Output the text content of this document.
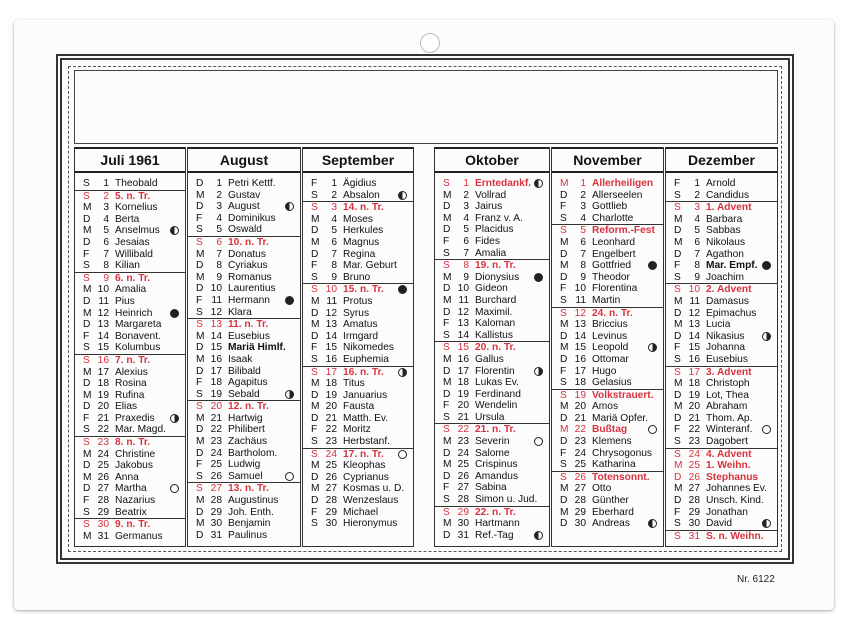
Juli 1961
S	1 Theobald
S	2 5. n. Tr.
M	3 Kornelius
D	4 Berta
M	5 Anselmus
D	6 Jesaias
F	7 Willibald
S	8 Kilian
S	9 6. n. Tr.
M 10 Amalia
D 11 Pius
M 12 Heinrich
D 13 Margareta
F 14 Bonavent.
S 15 Kolumbus
S 16 7. n. Tr.
M 17 Alexius
D 18 Rosina
M 19 Rufina
D 20 Elias
F 21 Praxedis
S 22 Mar. Magd.
S 23 8. n. Tr.
M 24 Christine
D 25 Jakobus
M 26 Anna
D 27 Martha
F 28 Nazarius
S 29 Beatrix
S 30 9. n. Tr.
M 31 Germanus
August
D	1 Petri Kettf.
M	2 Gustav
D	3 August
F	4 Dominikus
S	5 Oswald
S	6 10. n. Tr.
M	7 Donatus
D	8 Cyriakus
M	9 Romanus
D 10 Laurentius
F 11 Hermann
S 12 Klara
S 13 11. n. Tr.
M 14 Eusebius
D 15 Mariä Himlf.
M 16 Isaak
D 17 Bilibald
F 18 Agapitus
S 19 Sebald
S 20 12. n. Tr.
M 21 Hartwig
D 22 Philibert
M 23 Zachäus
D 24 Bartholom.
F 25 Ludwig
S 26 Samuel
S 27 13. n. Tr.
M 28 Augustinus
D 29 Joh. Enth.
M 30 Benjamin
D 31 Paulinus
September
F	1 Ägidius
S	2 Absalon
S	3 14. n. Tr.
M	4 Moses
D	5 Herkules
M	6 Magnus
D	7 Regina
F	8 Mar. Geburt
S	9 Bruno
S 10 15. n. Tr.
M 11 Protus
D 12 Syrus
M 13 Amatus
D 14 Irmgard
F 15 Nikomedes
S 16 Euphemia
S 17 16. n. Tr.
M 18 Titus
D 19 Januarius
M 20 Fausta
D 21 Matth. Ev.
F 22 Moritz
S 23 Herbstanf.
S 24 17. n. Tr.
M 25 Kleophas
D 26 Cyprianus
M 27 Kosmas u. D.
D 28 Wenzeslaus
F 29 Michael
S 30 Hieronymus
Oktober
S	1 Erntedankf.
M	2 Vollrad
D	3 Jairus
M	4 Franz v. A.
D	5 Placidus
F	6 Fides
S	7 Amalia
S	8 19. n. Tr.
M	9 Dionysius
D 10 Gideon
M 11 Burchard
D 12 Maximil.
F 13 Kaloman
S 14 Kallistus
S 15 20. n. Tr.
M 16 Gallus
D 17 Florentin
M 18 Lukas Ev.
D 19 Ferdinand
F 20 Wendelin
S 21 Ursula
S 22 21. n. Tr.
M 23 Severin
D 24 Salome
M 25 Crispinus
D 26 Amandus
F 27 Sabina
S 28 Simon u. Jud.
S 29 22. n. Tr.
M 30 Hartmann
D 31 Ref.-Tag
November
M	1 Allerheiligen
D	2 Allerseelen
F	3 Gottlieb
S	4 Charlotte
S	5 Reform.-Fest
M	6 Leonhard
D	7 Engelbert
M	8 Gottfried
D	9 Theodor
F 10 Florentina
S 11 Martin
S 12 24. n. Tr.
M 13 Briccius
D 14 Levinus
M 15 Leopold
D 16 Ottomar
F 17 Hugo
S 18 Gelasius
S 19 Volkstrauert.
M 20 Amos
D 21 Mariä Opfer.
M 22 Bußtag
D 23 Klemens
F 24 Chrysogonus
S 25 Katharina
S 26 Totensonnt.
M 27 Otto
D 28 Günther
M 29 Eberhard
D 30 Andreas
Dezember
F	1 Arnold
S	2 Candidus
S	3 1. Advent
M	4 Barbara
D	5 Sabbas
M	6 Nikolaus
D	7 Agathon
F	8 Mar. Empf.
S	9 Joachim
S 10 2. Advent
M 11 Damasus
D 12 Epimachus
M 13 Lucia
D 14 Nikasius
F 15 Johanna
S 16 Eusebius
S 17 3. Advent
M 18 Christoph
D 19 Lot, Thea
M 20 Abraham
D 21 Thom. Ap.
F 22 Winteranf.
S 23 Dagobert
S 24 4. Advent
M 25 1. Weihn.
D 26 Stephanus
M 27 Johannes Ev.
D 28 Unsch. Kind.
F 29 Jonathan
S 30 David
S 31 S. n. Weihn.
Nr. 6122
